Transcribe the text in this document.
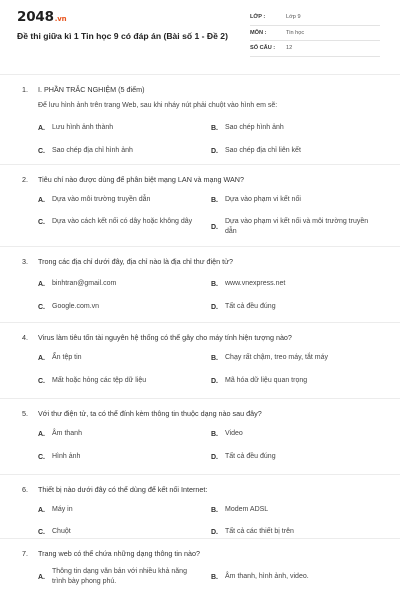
2048.vn
Đề thi giữa kì 1 Tin học 9 có đáp án (Bài số 1 - Đề 2)
LỚP :	Lớp 9
MÔN :	Tin học
SỐ CÂU :	12
1.	I. PHẦN TRẮC NGHIỆM (5 điểm)
Để lưu hình ảnh trên trang Web, sau khi nháy nút phải chuột vào hình em sẽ:
A.	Lưu hình ảnh thành	B.	Sao chép hình ảnh
C.	Sao chép địa chỉ hình ảnh	D.	Sao chép địa chỉ liên kết
2.	Tiêu chí nào được dùng để phân biệt mạng LAN và mạng WAN?
A.	Dựa vào môi trường truyền dẫn	B.	Dựa vào phạm vi kết nối
C.	Dựa vào cách kết nối có dây hoặc không dây
D.
Dựa vào phạm vi kết nối và môi trường truyền dẫn
3.	Trong các địa chỉ dưới đây, địa chỉ nào là địa chỉ thư điện tử?
A.	binhtran@gmail.com	B.	www.vnexpress.net
C.	Google.com.vn	D.	Tất cả đều đúng
4.	Virus làm tiêu tốn tài nguyên hệ thống có thể gây cho máy tính hiện tượng nào?
A.	Ẩn tệp tin	B.	Chạy rất chậm, treo máy, tắt máy
C.	Mất hoặc hỏng các tệp dữ liệu	D.	Mã hóa dữ liệu quan trọng
5.	Với thư điện tử, ta có thể đính kèm thông tin thuộc dạng nào sau đây?
A.	Âm thanh	B.	Video
C.	Hình ảnh	D.	Tất cả đều đúng
6.	Thiết bị nào dưới đây có thể dùng để kết nối Internet:
A.	Máy in	B.	Modem ADSL
C.	Chuột	D.	Tất cả các thiết bị trên
7.	Trang web có thể chứa những dạng thông tin nào?
A.
Thông tin dạng văn bản với nhiều khả năng trình bày phong phú.
B.	Âm thanh, hình ảnh, video.
